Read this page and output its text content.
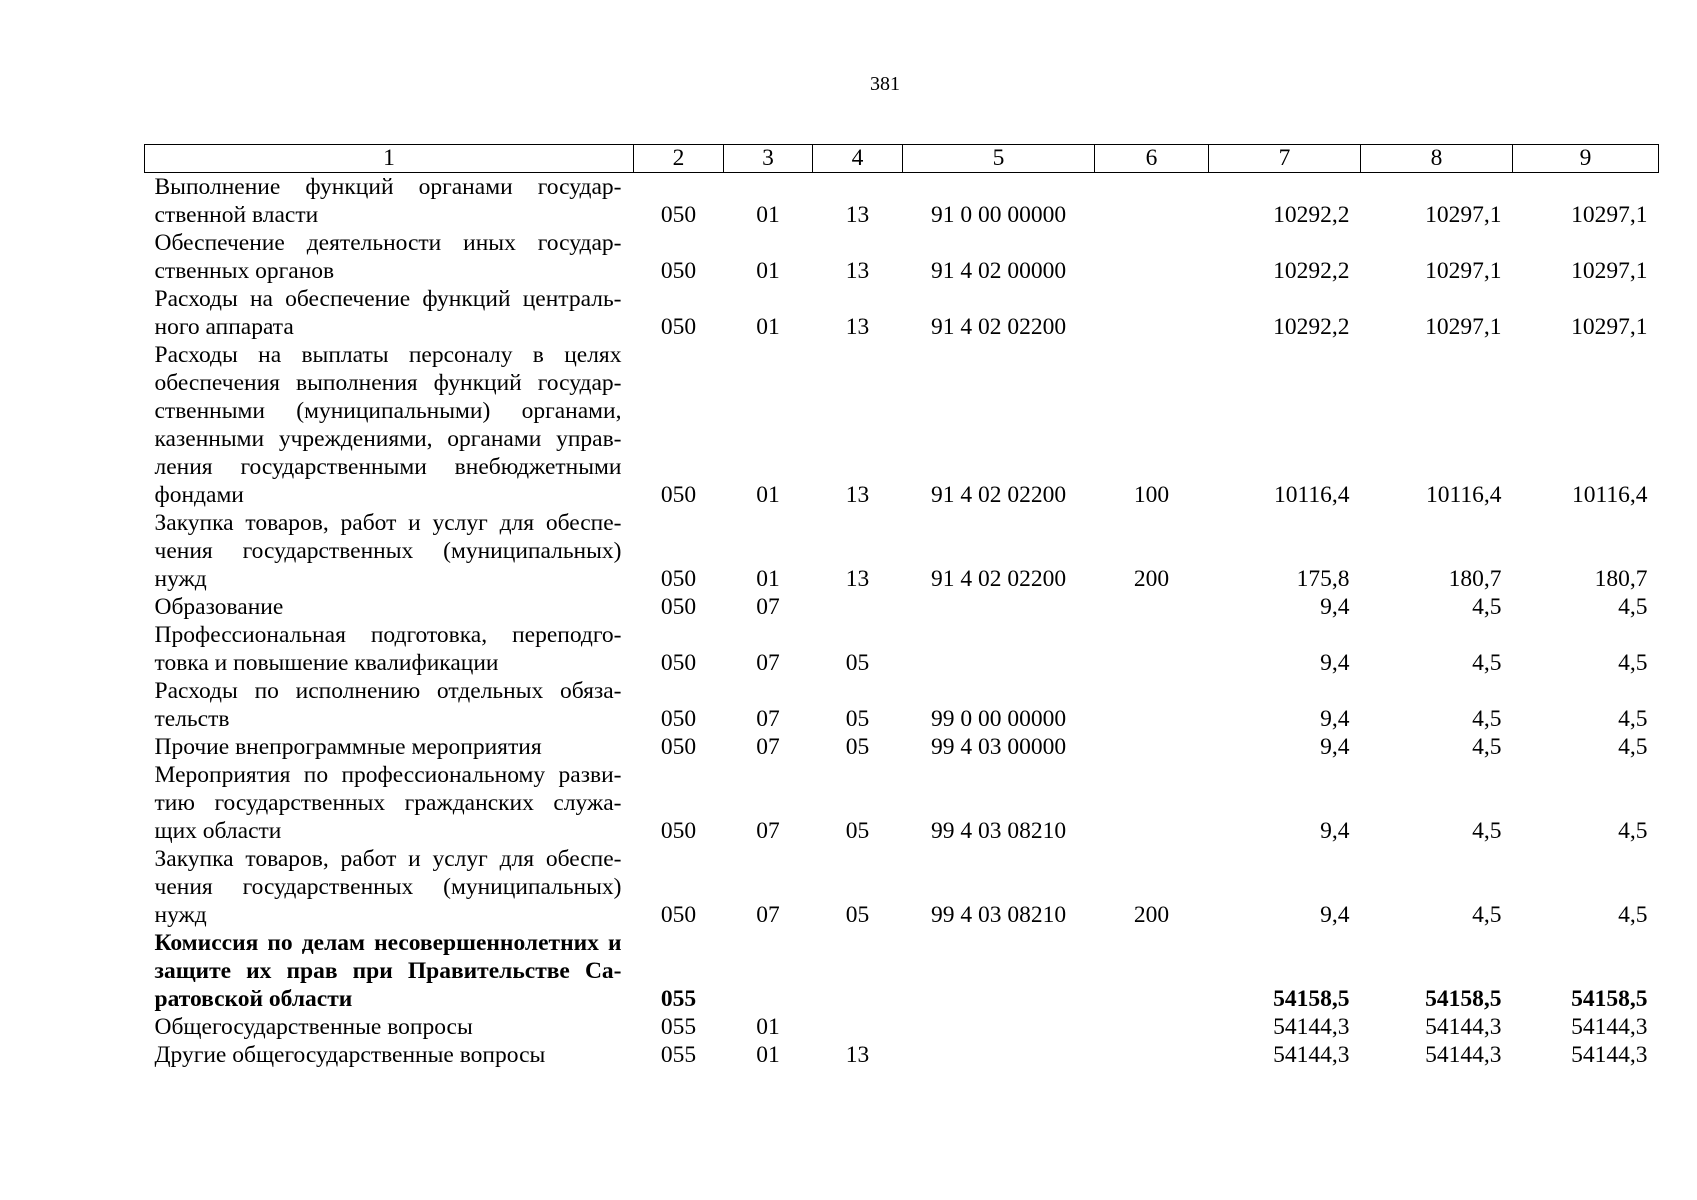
381
1	2	3	4	5	6	7	8	9
Выполнение функций органами государ- ственной власти	050	01	13	91 0 00 00000		10292,2	10297,1	10297,1
Обеспечение деятельности иных государ- ственных органов	050	01	13	91 4 02 00000		10292,2	10297,1	10297,1
Расходы на обеспечение функций централь- ного аппарата	050	01	13	91 4 02 02200		10292,2	10297,1	10297,1
Расходы на выплаты персоналу в целях обеспечения выполнения функций государ- ственными (муниципальными) органами, казенными учреждениями, органами управ- ления государственными внебюджетными фондами	050	01	13	91 4 02 02200	100	10116,4	10116,4	10116,4
Закупка товаров, работ и услуг для обеспе- чения государственных (муниципальных) нужд	050	01	13	91 4 02 02200	200	175,8	180,7	180,7
Образование	050	07				9,4	4,5	4,5
Профессиональная подготовка, переподго- товка и повышение квалификации	050	07	05			9,4	4,5	4,5
Расходы по исполнению отдельных обяза- тельств	050	07	05	99 0 00 00000		9,4	4,5	4,5
Прочие внепрограммные мероприятия	050	07	05	99 4 03 00000		9,4	4,5	4,5
Мероприятия по профессиональному разви- тию государственных гражданских служа- щих области	050	07	05	99 4 03 08210		9,4	4,5	4,5
Закупка товаров, работ и услуг для обеспе- чения государственных (муниципальных) нужд	050	07	05	99 4 03 08210	200	9,4	4,5	4,5
Комиссия по делам несовершеннолетних и защите их прав при Правительстве Са- ратовской области	055					54158,5	54158,5	54158,5
Общегосударственные вопросы	055	01				54144,3	54144,3	54144,3
Другие общегосударственные вопросы	055	01	13			54144,3	54144,3	54144,3
